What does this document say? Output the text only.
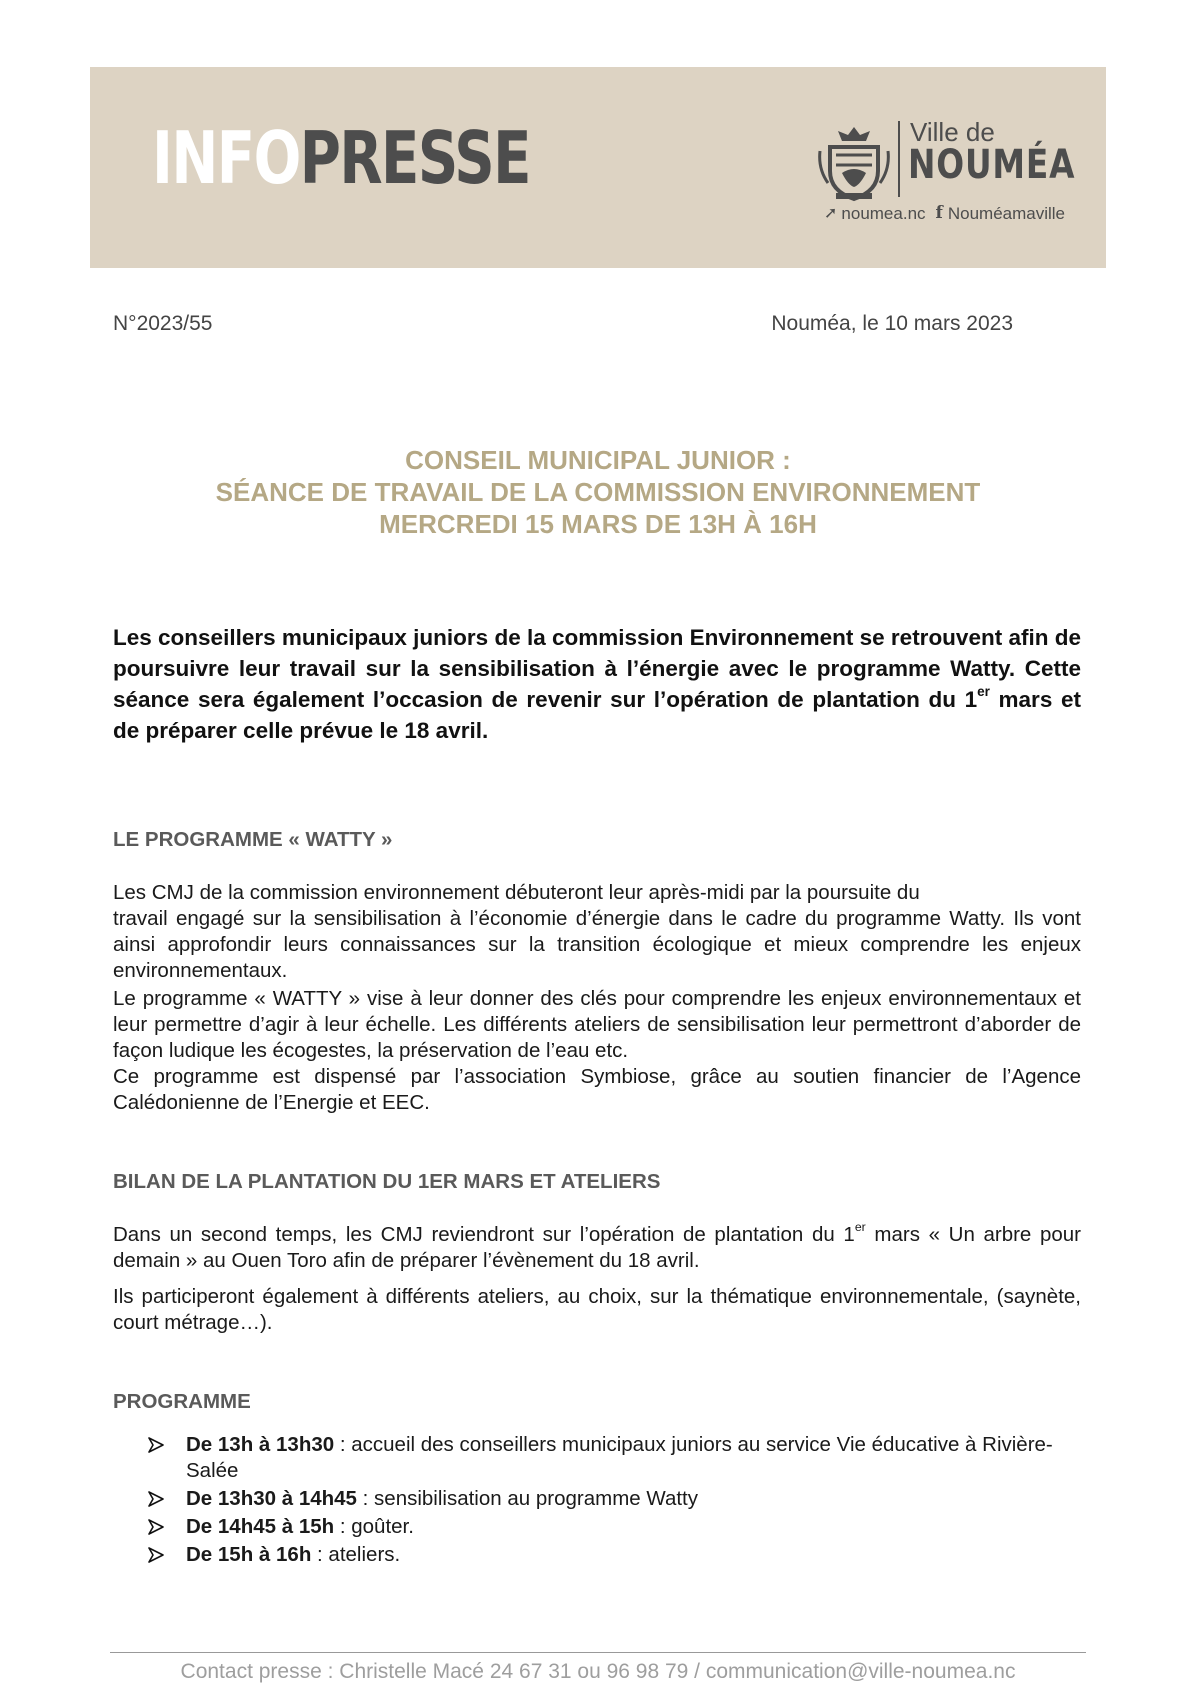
INFOPRESSE	Ville de
NOUMÉA
➚ noumea.nc f Nouméamaville
N°2023/55	Nouméa, le 10 mars 2023
CONSEIL MUNICIPAL JUNIOR :
SÉANCE DE TRAVAIL DE LA COMMISSION ENVIRONNEMENT
MERCREDI 15 MARS DE 13H À 16H

Les conseillers municipaux juniors de la commission Environnement se retrouvent afin de poursuivre leur travail sur la sensibilisation à l’énergie avec le programme Watty. Cette séance sera également l’occasion de revenir sur l’opération de plantation du 1er mars et de préparer celle prévue le 18 avril.

LE PROGRAMME « WATTY »

Les CMJ de la commission environnement débuteront leur après-midi par la poursuite du
travail engagé sur la sensibilisation à l’économie d’énergie dans le cadre du programme Watty. Ils vont ainsi approfondir leurs connaissances sur la transition écologique et mieux comprendre les enjeux environnementaux.

Le programme « WATTY » vise à leur donner des clés pour comprendre les enjeux environnementaux et leur permettre d’agir à leur échelle. Les différents ateliers de sensibilisation leur permettront d’aborder de façon ludique les écogestes, la préservation de l’eau etc.
Ce programme est dispensé par l’association Symbiose, grâce au soutien financier de l’Agence Calédonienne de l’Energie et EEC.

BILAN DE LA PLANTATION DU 1ER MARS ET ATELIERS

Dans un second temps, les CMJ reviendront sur l’opération de plantation du 1er mars « Un arbre pour demain » au Ouen Toro afin de préparer l’évènement du 18 avril.

Ils participeront également à différents ateliers, au choix, sur la thématique environnementale, (saynète, court métrage…).

PROGRAMME
De 13h à 13h30 : accueil des conseillers municipaux juniors au service Vie éducative à Rivière-Salée
De 13h30 à 14h45 : sensibilisation au programme Watty
De 14h45 à 15h : goûter.
De 15h à 16h : ateliers.
Contact presse : Christelle Macé 24 67 31 ou 96 98 79 / communication@ville-noumea.nc
